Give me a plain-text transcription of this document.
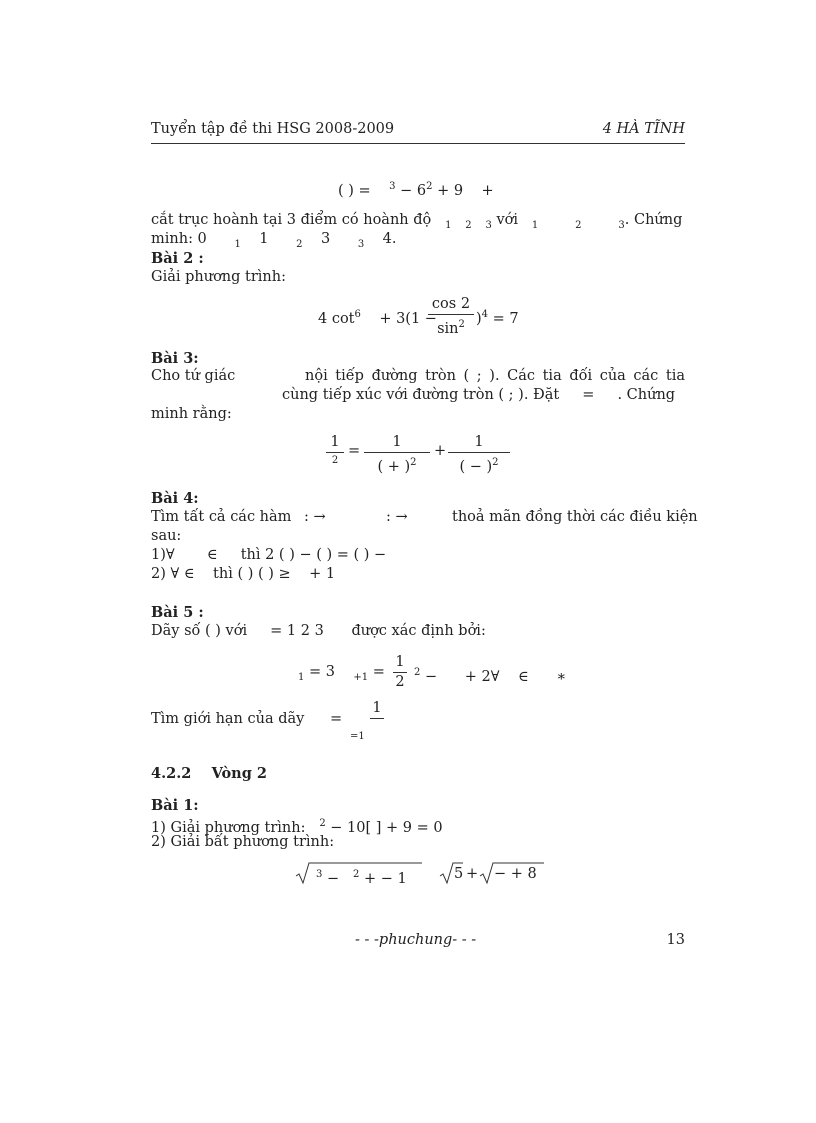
Tuyển tập đề thi HSG 2008-2009	4 HÀ TĨNH
( ) = $^3 - 6^2 + 9$ +
cắt trục hoành tại 3 điểm có hoành độ $_1$ $_2$ $_3$ với $_1$	$_2$	$_3$. Chứng
minh: 0	$_1$ 1	$_2$ 3	$_3$ 4.
Bài 2 :
Giải phương trình:
4 $\cot^6 + 3(1$ −
cos 2
$\sin^2 )^4 = 7$
Bài 3:
Cho tứ giác	nội tiếp đường tròn ( ; ). Các tia đối của các tia
cùng tiếp xúc với đường tròn ( ; ). Đặt = . Chứng
minh rằng:
1
$^2$
=
1
( + )$^2$
+
1
( − )$^2$
Bài 4:
Tìm tất cả các hàm : →	: →	thoả mãn đồng thời các điều kiện
sau:
1)∀ ∈ thì 2 ( ) − ( ) = ( ) −
2) ∀ ∈ thì ( ) ( ) ≥ + 1
Bài 5 :
Dãy số ( ) với = 1 2 3 được xác định bởi:
$_1$ = 3 $_{+1}$ =
1
2
$^2$ − + 2∀ ∈ ∗
Tìm giới hạn của dãy =
1
=1
4.2.2 Vòng 2
Bài 1:
1) Giải phương trình: $^2$ − 10[ ] + 9 = 0
2) Giải bất phương trình:
$^3$ − $^2$ + − 1	5 + − + 8
- - -phuchung- - -	13
